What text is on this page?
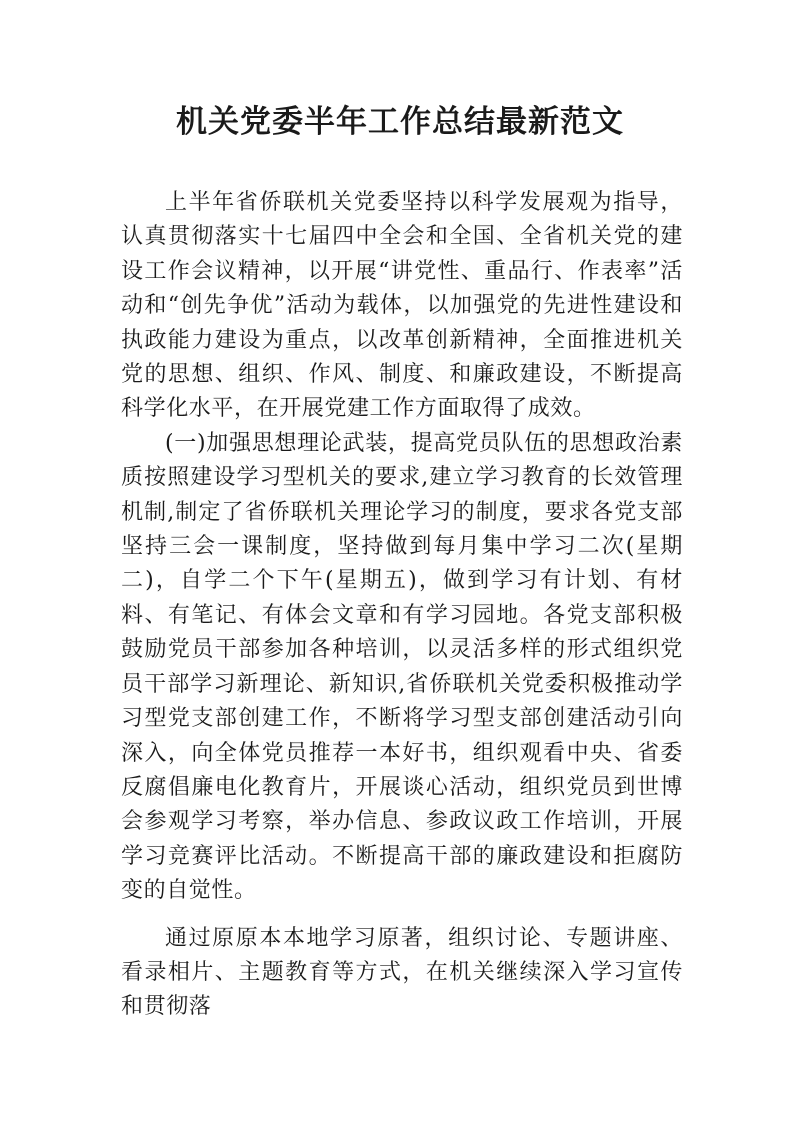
机关党委半年工作总结最新范文

上半年省侨联机关党委坚持以科学发展观为指导，认真贯彻落实十七届四中全会和全国、全省机关党的建设工作会议精神，以开展“讲党性、重品行、作表率”活动和“创先争优”活动为载体，以加强党的先进性建设和执政能力建设为重点，以改革创新精神，全面推进机关党的思想、组织、作风、制度、和廉政建设，不断提高科学化水平，在开展党建工作方面取得了成效。

(一)加强思想理论武装，提高党员队伍的思想政治素质按照建设学习型机关的要求,建立学习教育的长效管理机制,制定了省侨联机关理论学习的制度，要求各党支部坚持三会一课制度，坚持做到每月集中学习二次(星期二)，自学二个下午(星期五)，做到学习有计划、有材料、有笔记、有体会文章和有学习园地。各党支部积极鼓励党员干部参加各种培训，以灵活多样的形式组织党员干部学习新理论、新知识,省侨联机关党委积极推动学习型党支部创建工作，不断将学习型支部创建活动引向深入，向全体党员推荐一本好书，组织观看中央、省委反腐倡廉电化教育片，开展谈心活动，组织党员到世博会参观学习考察，举办信息、参政议政工作培训，开展学习竞赛评比活动。不断提高干部的廉政建设和拒腐防变的自觉性。

通过原原本本地学习原著，组织讨论、专题讲座、看录相片、主题教育等方式，在机关继续深入学习宣传和贯彻落
